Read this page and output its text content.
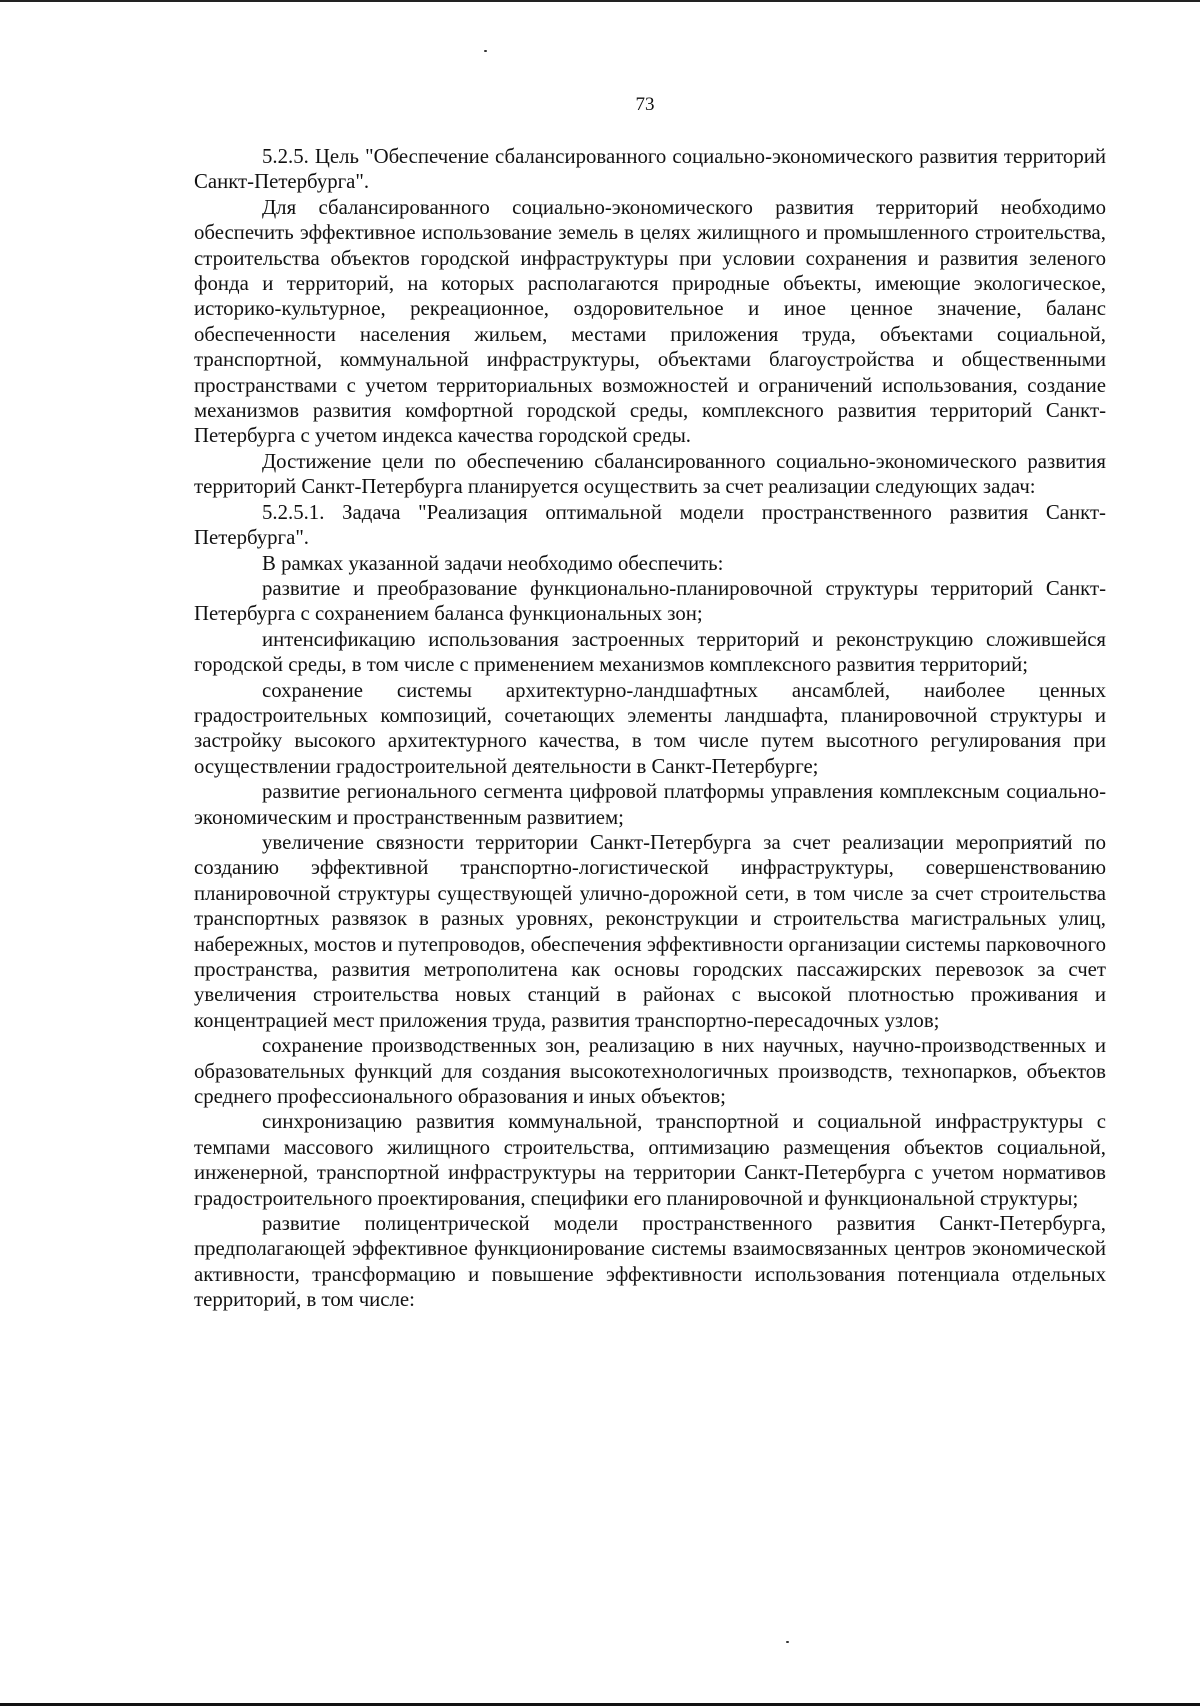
73

5.2.5. Цель "Обеспечение сбалансированного социально-экономического развития территорий Санкт-Петербурга".

Для сбалансированного социально-экономического развития территорий необходимо обеспечить эффективное использование земель в целях жилищного и промышленного строительства, строительства объектов городской инфраструктуры при условии сохранения и развития зеленого фонда и территорий, на которых располагаются природные объекты, имеющие экологическое, историко-культурное, рекреационное, оздоровительное и иное ценное значение, баланс обеспеченности населения жильем, местами приложения труда, объектами социальной, транспортной, коммунальной инфраструктуры, объектами благоустройства и общественными пространствами с учетом территориальных возможностей и ограничений использования, создание механизмов развития комфортной городской среды, комплексного развития территорий Санкт-Петербурга с учетом индекса качества городской среды.

Достижение цели по обеспечению сбалансированного социально-экономического развития территорий Санкт-Петербурга планируется осуществить за счет реализации следующих задач:

5.2.5.1. Задача "Реализация оптимальной модели пространственного развития Санкт-Петербурга".

В рамках указанной задачи необходимо обеспечить:

развитие и преобразование функционально-планировочной структуры территорий Санкт-Петербурга с сохранением баланса функциональных зон;

интенсификацию использования застроенных территорий и реконструкцию сложившейся городской среды, в том числе с применением механизмов комплексного развития территорий;

сохранение системы архитектурно-ландшафтных ансамблей, наиболее ценных градостроительных композиций, сочетающих элементы ландшафта, планировочной структуры и застройку высокого архитектурного качества, в том числе путем высотного регулирования при осуществлении градостроительной деятельности в Санкт-Петербурге;

развитие регионального сегмента цифровой платформы управления комплексным социально-экономическим и пространственным развитием;

увеличение связности территории Санкт-Петербурга за счет реализации мероприятий по созданию эффективной транспортно-логистической инфраструктуры, совершенствованию планировочной структуры существующей улично-дорожной сети, в том числе за счет строительства транспортных развязок в разных уровнях, реконструкции и строительства магистральных улиц, набережных, мостов и путепроводов, обеспечения эффективности организации системы парковочного пространства, развития метрополитена как основы городских пассажирских перевозок за счет увеличения строительства новых станций в районах с высокой плотностью проживания и концентрацией мест приложения труда, развития транспортно-пересадочных узлов;

сохранение производственных зон, реализацию в них научных, научно-производственных и образовательных функций для создания высокотехнологичных производств, технопарков, объектов среднего профессионального образования и иных объектов;

синхронизацию развития коммунальной, транспортной и социальной инфраструктуры с темпами массового жилищного строительства, оптимизацию размещения объектов социальной, инженерной, транспортной инфраструктуры на территории Санкт-Петербурга с учетом нормативов градостроительного проектирования, специфики его планировочной и функциональной структуры;

развитие полицентрической модели пространственного развития Санкт-Петербурга, предполагающей эффективное функционирование системы взаимосвязанных центров экономической активности, трансформацию и повышение эффективности использования потенциала отдельных территорий, в том числе:
